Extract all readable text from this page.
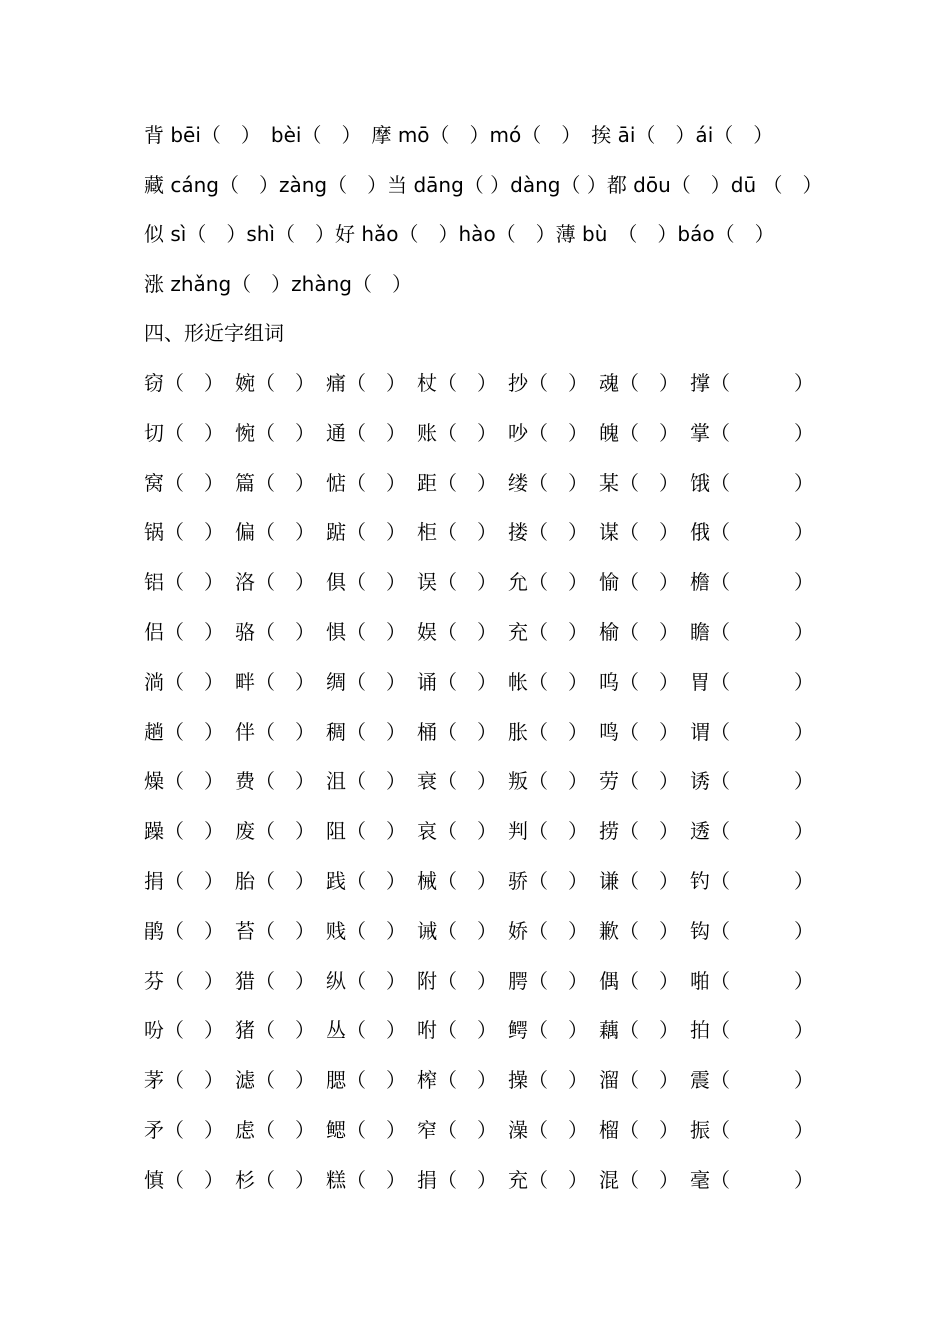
背 bēi（　）　bèi（　）　摩 mō（　）mó（　）　挨 āi（　）ái（　）
藏 cáng（　）zàng（　）当 dāng（ ）dàng（ ）都 dōu（　）dū （　）
似 sì（　）shì（　）好 hǎo（　）hào（　）薄 bù　（　）báo（　）
涨 zhǎng（　）zhàng（　）
四、形近字组词
窃（　 ） 婉（　 ） 痛（　 ） 杖（　 ） 抄（　 ） 魂（　 ） 撑（	）
切（　 ） 惋（　 ） 通（　 ） 账（　 ） 吵（　 ） 魄（　 ） 掌（	）
窝（　 ） 篇（　 ） 惦（　 ） 距（　 ） 缕（　 ） 某（　 ） 饿（	）
锅（　 ） 偏（　 ） 踮（　 ） 柜（　 ） 搂（　 ） 谋（　 ） 俄（	）
铝（　 ） 洛（　 ） 俱（　 ） 误（　 ） 允（　 ） 愉（　 ） 檐（	）
侣（　 ） 骆（　 ） 惧（　 ） 娱（　 ） 充（　 ） 榆（　 ） 瞻（	）
淌（　 ） 畔（　 ） 绸（　 ） 诵（　 ） 帐（　 ） 呜（　 ） 胃（	）
趟（　 ） 伴（　 ） 稠（　 ） 桶（　 ） 胀（　 ） 鸣（　 ） 谓（	）
燥（　 ） 费（　 ） 沮（　 ） 衰（　 ） 叛（　 ） 劳（　 ） 诱（	）
躁（　 ） 废（　 ） 阻（　 ） 哀（　 ） 判（　 ） 捞（　 ） 透（	）
捐（　 ） 胎（　 ） 践（　 ） 械（　 ） 骄（　 ） 谦（　 ） 钓（	）
鹃（　 ） 苔（　 ） 贱（　 ） 诫（　 ） 娇（　 ） 歉（　 ） 钩（	）
芬（　 ） 猎（　 ） 纵（　 ） 附（　 ） 腭（　 ） 偶（　 ） 啪（	）
吩（　 ） 猪（　 ） 丛（　 ） 咐（　 ） 鳄（　 ） 藕（　 ） 拍（	）
茅（　 ） 滤（　 ） 腮（　 ） 榨（　 ） 操（　 ） 溜（　 ） 震（	）
矛（　 ） 虑（　 ） 鳃（　 ） 窄（　 ） 澡（　 ） 榴（　 ） 振（	）
慎（　 ） 杉（　 ） 糕（　 ） 捐（　 ） 充（　 ） 混（　 ） 毫（	）
